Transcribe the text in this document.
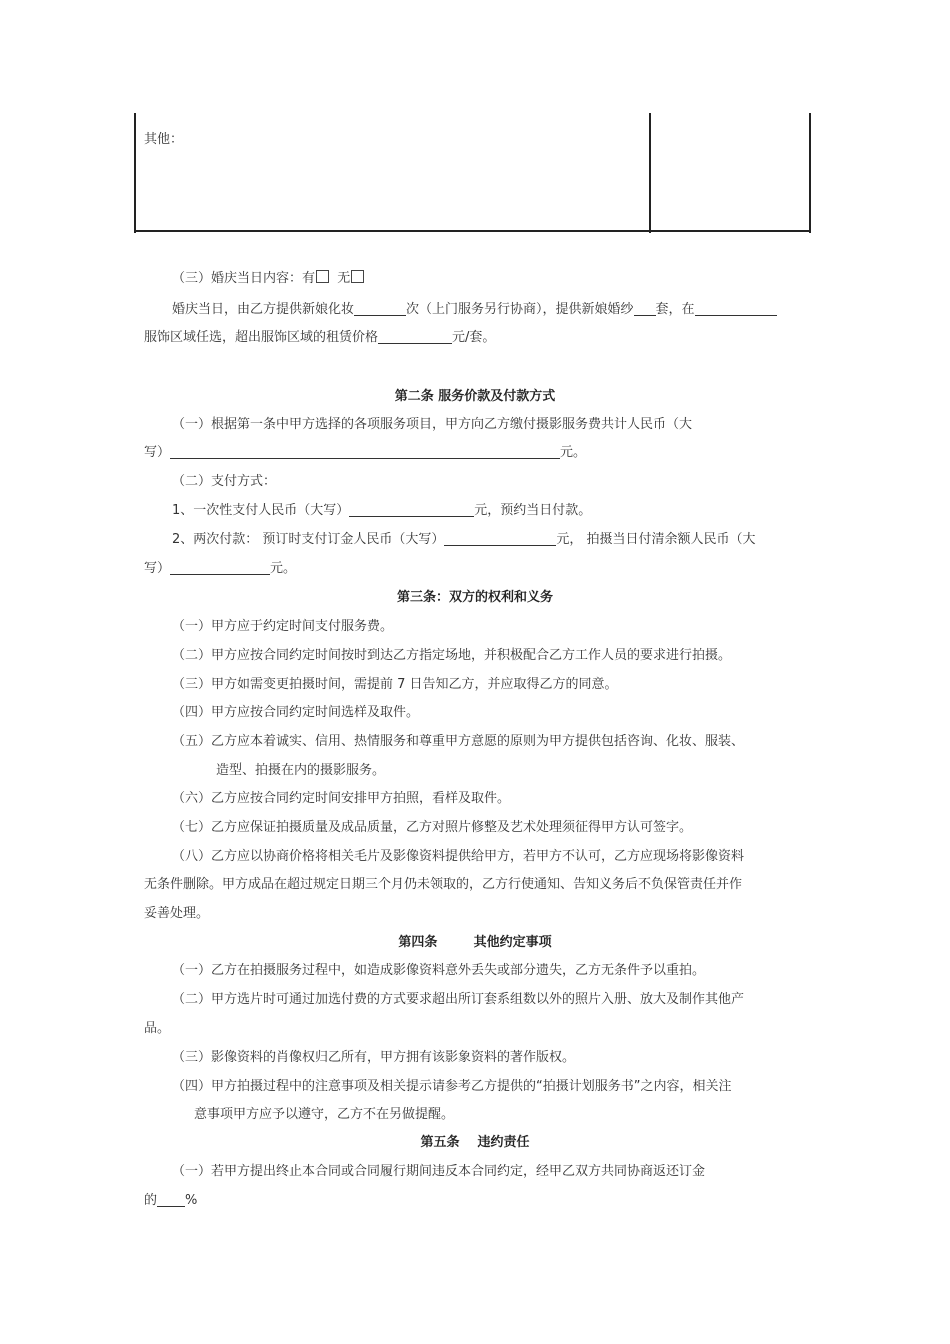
其他：
（三）婚庆当日内容：有  无
婚庆当日，由乙方提供新娘化妆	次（上门服务另行协商），提供新娘婚纱 套，在
服饰区域任选，超出服饰区域的租赁价格	元/套。
第二条 服务价款及付款方式
（一）根据第一条中甲方选择的各项服务项目，甲方向乙方缴付摄影服务费共计人民币（大
写）	元。
（二）支付方式：
1、一次性支付人民币（大写）	元，预约当日付款。
2、两次付款： 预订时支付订金人民币（大写）	元， 拍摄当日付清余额人民币（大
写）	元。
第三条：双方的权利和义务
（一）甲方应于约定时间支付服务费。
（二）甲方应按合同约定时间按时到达乙方指定场地，并积极配合乙方工作人员的要求进行拍摄。
（三）甲方如需变更拍摄时间，需提前 7 日告知乙方，并应取得乙方的同意。
（四）甲方应按合同约定时间选样及取件。
（五）乙方应本着诚实、信用、热情服务和尊重甲方意愿的原则为甲方提供包括咨询、化妆、服装、
造型、拍摄在内的摄影服务。
（六）乙方应按合同约定时间安排甲方拍照，看样及取件。
（七）乙方应保证拍摄质量及成品质量，乙方对照片修整及艺术处理须征得甲方认可签字。
（八）乙方应以协商价格将相关毛片及影像资料提供给甲方，若甲方不认可，乙方应现场将影像资料
无条件删除。甲方成品在超过规定日期三个月仍未领取的，乙方行使通知、告知义务后不负保管责任并作
妥善处理。
第四条        其他约定事项
（一）乙方在拍摄服务过程中，如造成影像资料意外丢失或部分遗失，乙方无条件予以重拍。
（二）甲方选片时可通过加选付费的方式要求超出所订套系组数以外的照片入册、放大及制作其他产
品。
（三）影像资料的肖像权归乙所有，甲方拥有该影象资料的著作版权。
（四）甲方拍摄过程中的注意事项及相关提示请参考乙方提供的“拍摄计划服务书”之内容，相关注
意事项甲方应予以遵守，乙方不在另做提醒。
第五条    违约责任
（一）若甲方提出终止本合同或合同履行期间违反本合同约定，经甲乙双方共同协商返还订金
的 %
